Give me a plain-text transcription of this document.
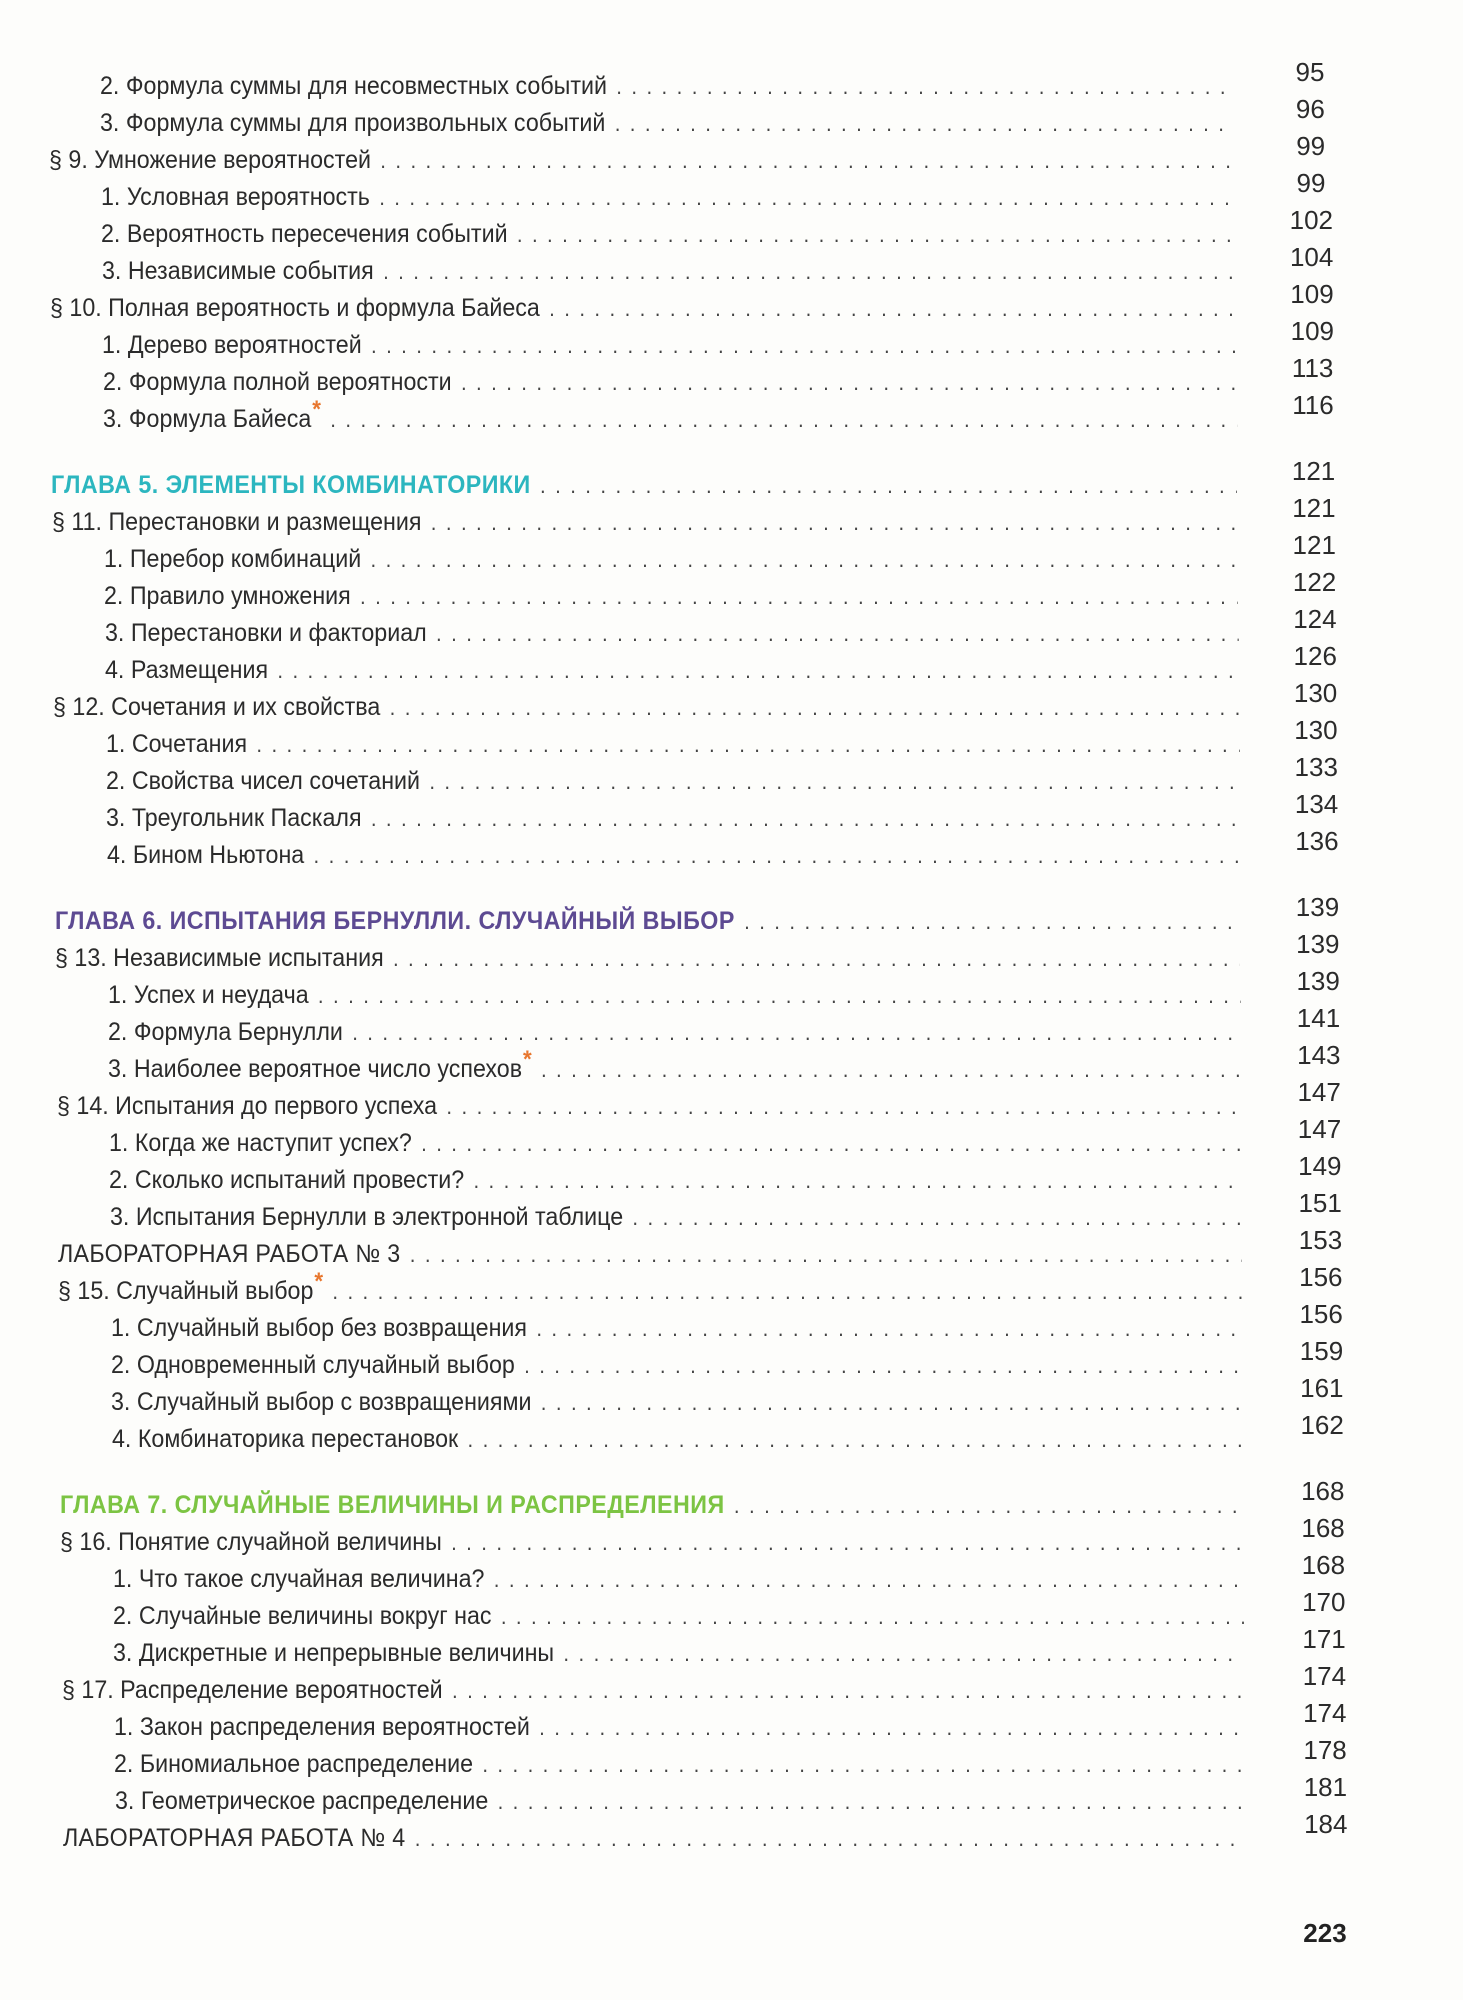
2. Формула суммы для несовместных событий . . .	95
3. Формула суммы для произвольных событий . . .	96
§ 9. Умножение вероятностей . . .	99
1. Условная вероятность . . .	99
2. Вероятность пересечения событий . . .	102
3. Независимые события . . .	104
§ 10. Полная вероятность и формула Байеса . . .	109
1. Дерево вероятностей . . .	109
2. Формула полной вероятности . . .	113
3. Формула Байеса * . . .	116
ГЛАВА 5. ЭЛЕМЕНТЫ КОМБИНАТОРИКИ . . .	121
§ 11. Перестановки и размещения . . .	121
1. Перебор комбинаций . . .	121
2. Правило умножения . . .	122
3. Перестановки и факториал . . .	124
4. Размещения . . .	126
§ 12. Сочетания и их свойства . . .	130
1. Сочетания . . .	130
2. Свойства чисел сочетаний . . .	133
3. Треугольник Паскаля . . .	134
4. Бином Ньютона . . .	136
ГЛАВА 6. ИСПЫТАНИЯ БЕРНУЛЛИ. СЛУЧАЙНЫЙ ВЫБОР . . .	139
§ 13. Независимые испытания . . .	139
1. Успех и неудача . . .	139
2. Формула Бернулли . . .	141
3. Наиболее вероятное число успехов * . . .	143
§ 14. Испытания до первого успеха . . .	147
1. Когда же наступит успех? . . .	147
2. Сколько испытаний провести? . . .	149
3. Испытания Бернулли в электронной таблице . . .	151
ЛАБОРАТОРНАЯ РАБОТА № 3 . . .	153
§ 15. Случайный выбор * . . .	156
1. Случайный выбор без возвращения . . .	156
2. Одновременный случайный выбор . . .	159
3. Случайный выбор с возвращениями . . .	161
4. Комбинаторика перестановок . . .	162
ГЛАВА 7. СЛУЧАЙНЫЕ ВЕЛИЧИНЫ И РАСПРЕДЕЛЕНИЯ . . .	168
§ 16. Понятие случайной величины . . .	168
1. Что такое случайная величина? . . .	168
2. Случайные величины вокруг нас . . .	170
3. Дискретные и непрерывные величины . . .	171
§ 17. Распределение вероятностей . . .	174
1. Закон распределения вероятностей . . .	174
2. Биномиальное распределение . . .	178
3. Геометрическое распределение . . .	181
ЛАБОРАТОРНАЯ РАБОТА № 4 . . .	184
223
